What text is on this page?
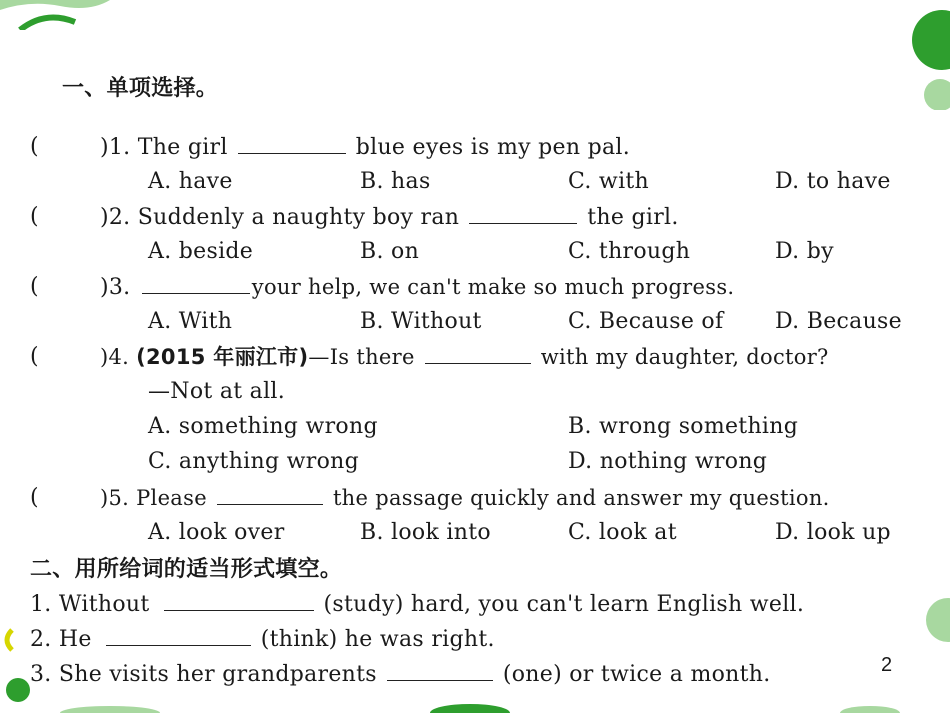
一、单项选择。
(	)1. The girl	blue eyes is my pen pal.
A. have	B. has	C. with	D. to have
(	)2. Suddenly a naughty boy ran	the girl.
A. beside	B. on	C. through	D. by
(	)3.	your help, we can't make so much progress.
A. With	B. Without	C. Because of D. Because
(	)4. (2015 年丽江市)—Is there	with my daughter, doctor?
—Not at all.
A. something wrong	B. wrong something
C. anything wrong	D. nothing wrong
(	)5. Please	the passage quickly and answer my question.
A. look over	B. look into	C. look at	D. look up
二、用所给词的适当形式填空。
1. Without	(study) hard, you can't learn English well.
2. He	(think) he was right.
3. She visits her grandparents	(one) or twice a month.	2
